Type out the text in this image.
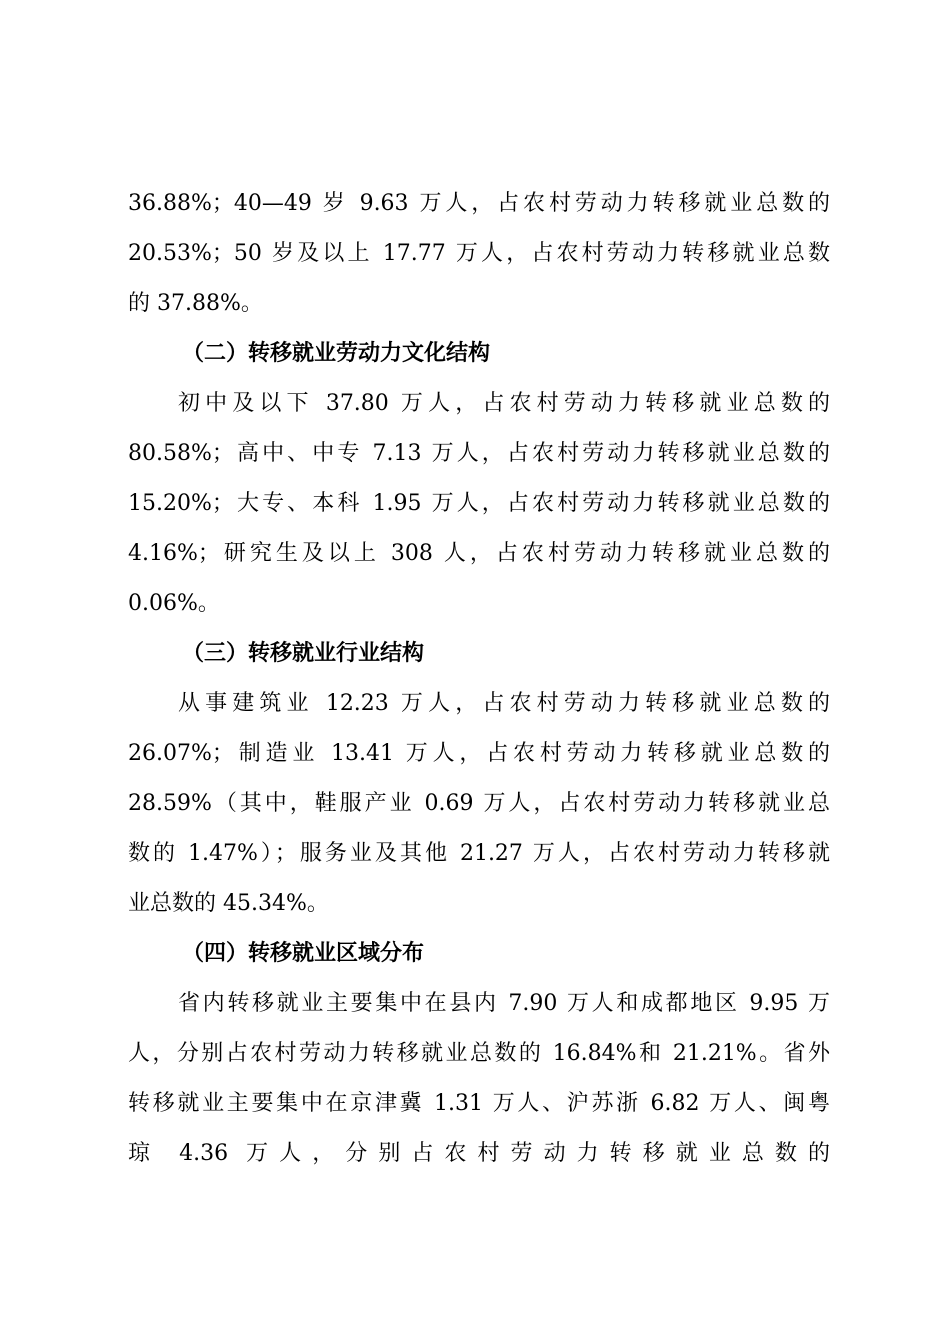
36.88%；40—49 岁 9.63 万人，占农村劳动力转移就业总数的
20.53%；50 岁及以上 17.77 万人，占农村劳动力转移就业总数
的 37.88%。
（二）转移就业劳动力文化结构
初中及以下 37.80 万人，占农村劳动力转移就业总数的
80.58%；高中、中专 7.13 万人，占农村劳动力转移就业总数的
15.20%；大专、本科 1.95 万人，占农村劳动力转移就业总数的
4.16%；研究生及以上 308 人，占农村劳动力转移就业总数的
0.06%。
（三）转移就业行业结构
从事建筑业 12.23 万人，占农村劳动力转移就业总数的
26.07%；制造业 13.41 万人，占农村劳动力转移就业总数的
28.59%（其中，鞋服产业 0.69 万人，占农村劳动力转移就业总
数的 1.47%）；服务业及其他 21.27 万人，占农村劳动力转移就
业总数的 45.34%。
（四）转移就业区域分布
省内转移就业主要集中在县内 7.90 万人和成都地区 9.95 万
人，分别占农村劳动力转移就业总数的 16.84%和 21.21%。省外
转移就业主要集中在京津冀 1.31 万人、沪苏浙 6.82 万人、闽粤
琼 4.36 万人，分别占农村劳动力转移就业总数的
